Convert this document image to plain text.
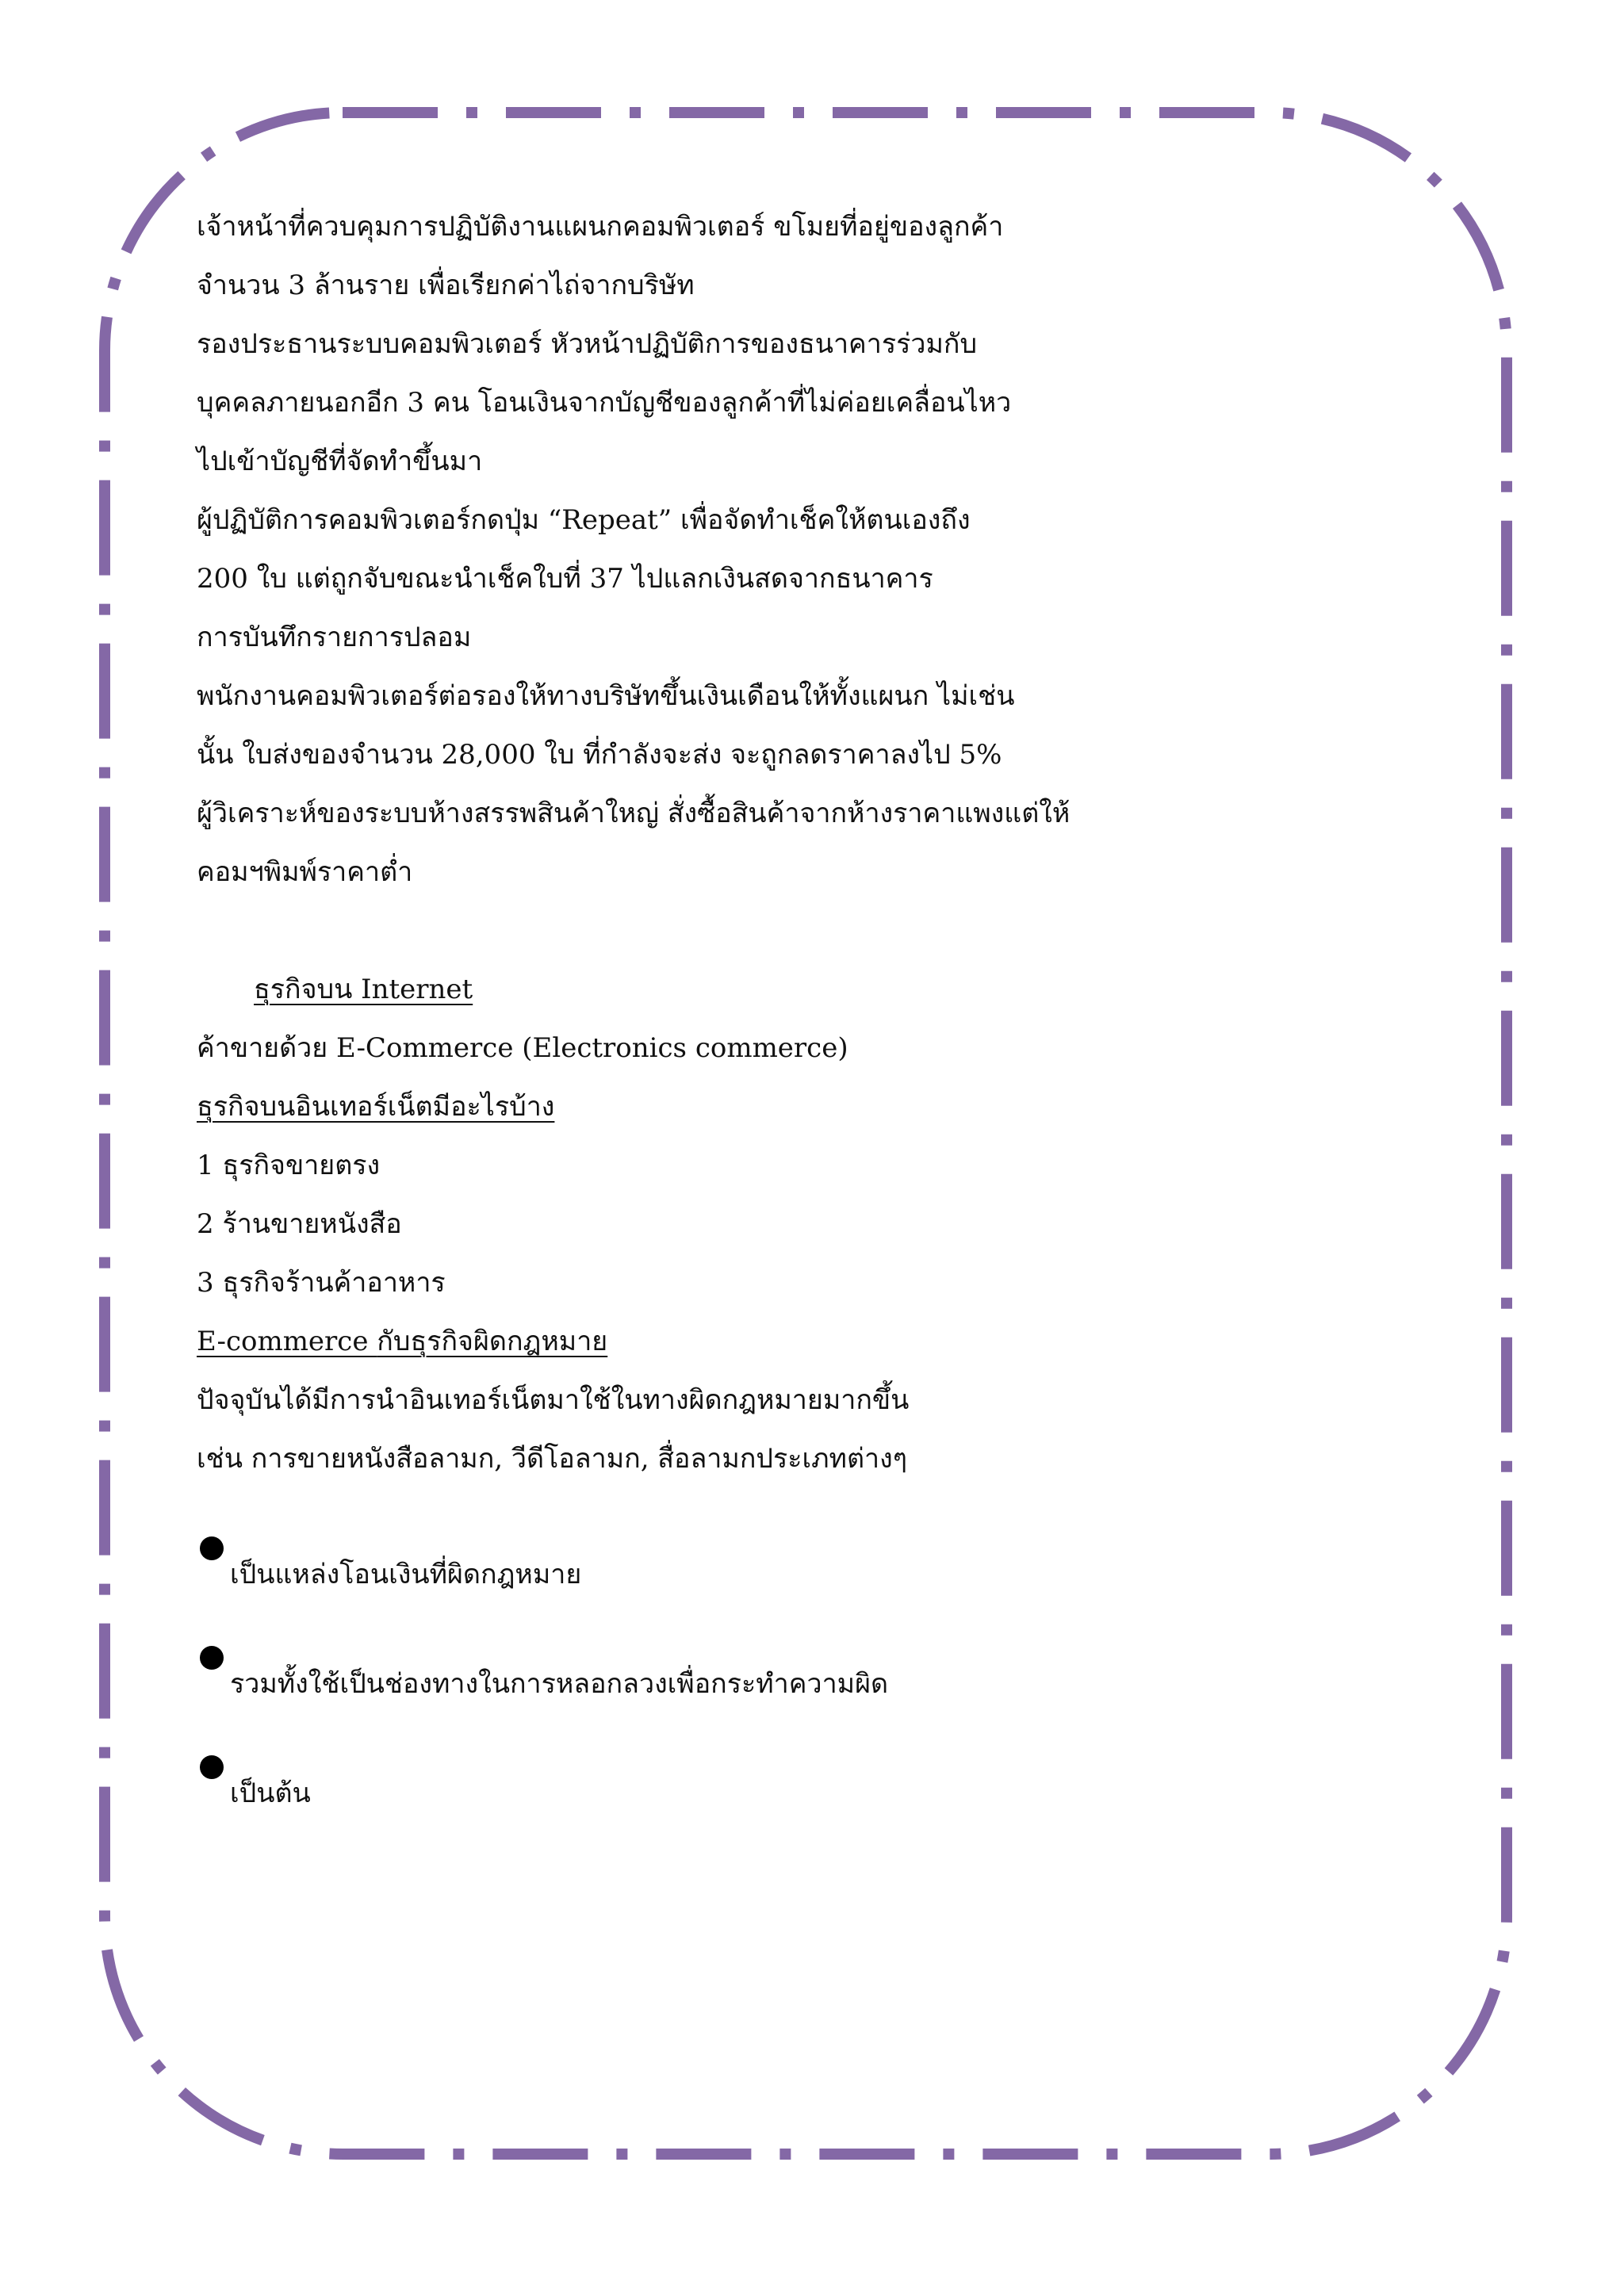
เจ้าหน้าที่ควบคุมการปฏิบัติงานแผนกคอมพิวเตอร์ ขโมยที่อยู่ของลูกค้า
จำนวน 3 ล้านราย เพื่อเรียกค่าไถ่จากบริษัท
รองประธานระบบคอมพิวเตอร์ หัวหน้าปฏิบัติการของธนาคารร่วมกับ
บุคคลภายนอกอีก 3 คน โอนเงินจากบัญชีของลูกค้าที่ไม่ค่อยเคลื่อนไหว
ไปเข้าบัญชีที่จัดทำขึ้นมา
ผู้ปฏิบัติการคอมพิวเตอร์กดปุ่ม “Repeat” เพื่อจัดทำเช็คให้ตนเองถึง
200 ใบ แต่ถูกจับขณะนำเช็คใบที่ 37 ไปแลกเงินสดจากธนาคาร
การบันทึกรายการปลอม
พนักงานคอมพิวเตอร์ต่อรองให้ทางบริษัทขึ้นเงินเดือนให้ทั้งแผนก ไม่เช่น
นั้น ใบส่งของจำนวน 28,000 ใบ ที่กำลังจะส่ง จะถูกลดราคาลงไป 5%
ผู้วิเคราะห์ของระบบห้างสรรพสินค้าใหญ่ สั่งซื้อสินค้าจากห้างราคาแพงแต่ให้
คอมฯพิมพ์ราคาต่ำ
ธุรกิจบน Internet
ค้าขายด้วย E-Commerce (Electronics commerce)
ธุรกิจบนอินเทอร์เน็ตมีอะไรบ้าง
1 ธุรกิจขายตรง
2 ร้านขายหนังสือ
3 ธุรกิจร้านค้าอาหาร
E-commerce กับธุรกิจผิดกฎหมาย
ปัจจุบันได้มีการนำอินเทอร์เน็ตมาใช้ในทางผิดกฎหมายมากขึ้น
เช่น การขายหนังสือลามก, วีดีโอลามก, สื่อลามกประเภทต่างๆ
เป็นแหล่งโอนเงินที่ผิดกฎหมาย
รวมทั้งใช้เป็นช่องทางในการหลอกลวงเพื่อกระทำความผิด
เป็นต้น
